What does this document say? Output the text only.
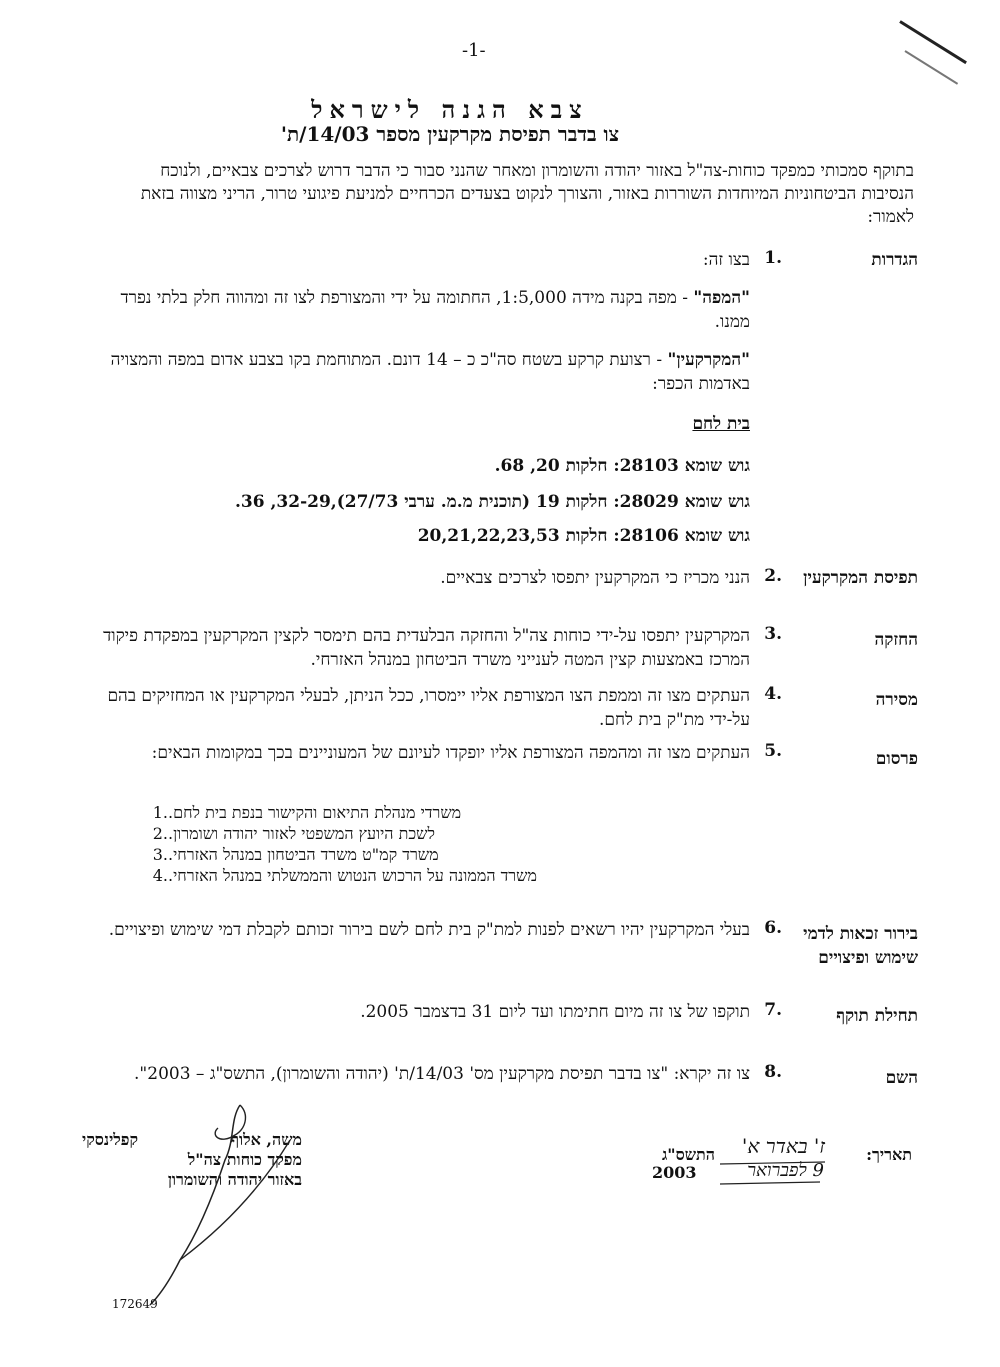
-1-
צבא הגנה לישראל
צו בדבר תפיסת מקרקעין מספר 14/03/ת'
בתוקף סמכותי כמפקד כוחות-צה"ל באזור יהודה והשומרון ומאחר שהנני סבור כי הדבר דרוש לצרכים צבאיים, ולנוכח הנסיבות הביטחוניות המיוחדות השוררות באזור, והצורך לנקוט בצעדים הכרחיים למניעת פיגועי טרור, הריני מצווה בזאת לאמור:
הגדרות
.1
בצו זה:
"המפה" - מפה בקנה מידה 1:5,000, החתומה על ידי והמצורפת לצו זה ומהווה חלק בלתי נפרד ממנו.
"המקרקעין" - רצועת קרקע בשטח סה"כ כ – 14 דונם. המתוחמת בקו בצבע אדום במפה והמצויה באדמות הכפר:
בית לחם
גוש שומא 28103: חלקות 20, 68.
גוש שומא 28029: חלקות 19 (תוכנית מ.מ. ערבי 27/73),32-29, 36.
גוש שומא 28106: חלקות 20,21,22,23,53
תפיסת המקרקעין
.2
הנני מכריז כי המקרקעין יתפסו לצרכים צבאיים.
החזקה
.3
המקרקעין יתפסו על-ידי כוחות צה"ל והחזקה הבלעדית בהם תימסר לקצין המקרקעין במפקדת פיקוד המרכז באמצעות קצין המטה לענייני משרד הביטחון במנהל האזרחי.
מסירה
.4
העתקים מצו זה וממפת הצו המצורפת אליו יימסרו, ככל הניתן, לבעלי המקרקעין או המחזיקים בהם על-ידי מת"ק בית לחם.
פרסום
.5
העתקים מצו זה ומהמפה המצורפת אליו יופקדו לעיונם של המעוניינים בכך במקומות הבאים:
.1 משרדי מנהלת התיאום והקישור בנפת בית לחם.
.2 לשכת היועץ המשפטי לאזור יהודה ושומרון.
.3 משרד קמ"ט משרד הביטחון במנהל האזרחי.
.4 משרד הממונה על הרכוש הנטוש והממשלתי במנהל האזרחי.
בירור זכאות לדמי שימוש ופיצויים
.6
בעלי המקרקעין יהיו רשאים לפנות למת"ק בית לחם לשם בירור זכותם לקבלת דמי שימוש ופיצויים.
תחילת תוקף
.7
תוקפו של צו זה מיום חתימתו ועד ליום 31 בדצמבר 2005.
השם
.8
צו זה יקרא: "צו בדבר תפיסת מקרקעין מס' 14/03/ת' (יהודה והשומרון), התשס"ג – 2003".
תאריך:
ז' באדר א'
התשס"ג
9 לפברואר
2003
קפלינסקי	משה, אלוף
מפקד כוחות צה"ל
באזור יהודה והשומרון
172649
